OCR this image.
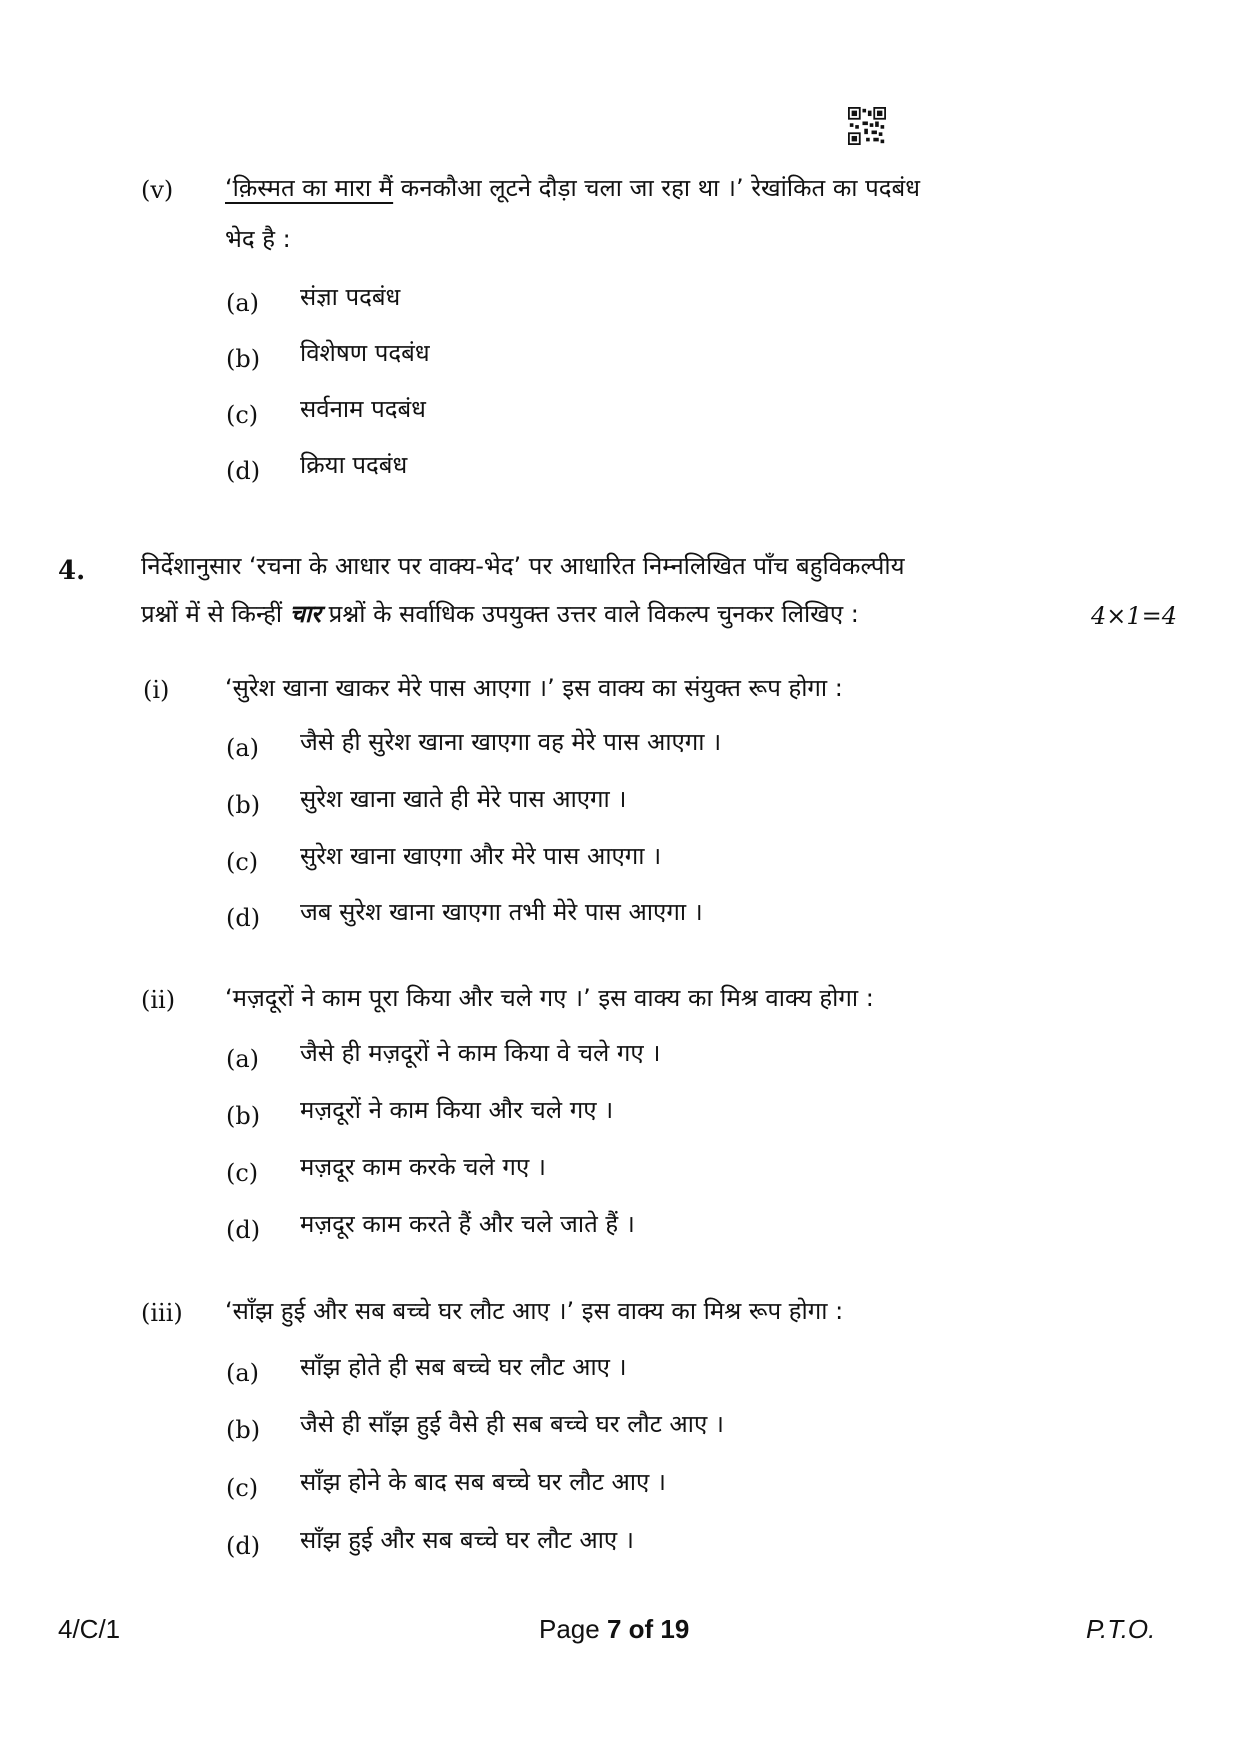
(v) ‘क़िस्मत का मारा मैं कनकौआ लूटने दौड़ा चला जा रहा था ।’ रेखांकित का पदबंध
भेद है :
(a) संज्ञा पदबंध
(b) विशेषण पदबंध
(c) सर्वनाम पदबंध
(d) क्रिया पदबंध
4. निर्देशानुसार ‘रचना के आधार पर वाक्य-भेद’ पर आधारित निम्नलिखित पाँच बहुविकल्पीय
प्रश्नों में से किन्हीं चार प्रश्नों के सर्वाधिक उपयुक्त उत्तर वाले विकल्प चुनकर लिखिए :	4×1=4
(i) ‘सुरेश खाना खाकर मेरे पास आएगा ।’ इस वाक्य का संयुक्त रूप होगा :
(a) जैसे ही सुरेश खाना खाएगा वह मेरे पास आएगा ।
(b) सुरेश खाना खाते ही मेरे पास आएगा ।
(c) सुरेश खाना खाएगा और मेरे पास आएगा ।
(d) जब सुरेश खाना खाएगा तभी मेरे पास आएगा ।
(ii) ‘मज़दूरों ने काम पूरा किया और चले गए ।’ इस वाक्य का मिश्र वाक्य होगा :
(a) जैसे ही मज़दूरों ने काम किया वे चले गए ।
(b) मज़दूरों ने काम किया और चले गए ।
(c) मज़दूर काम करके चले गए ।
(d) मज़दूर काम करते हैं और चले जाते हैं ।
(iii) ‘साँझ हुई और सब बच्चे घर लौट आए ।’ इस वाक्य का मिश्र रूप होगा :
(a) साँझ होते ही सब बच्चे घर लौट आए ।
(b) जैसे ही साँझ हुई वैसे ही सब बच्चे घर लौट आए ।
(c) साँझ होने के बाद सब बच्चे घर लौट आए ।
(d) साँझ हुई और सब बच्चे घर लौट आए ।
4/C/1	Page 7 of 19	P.T.O.
